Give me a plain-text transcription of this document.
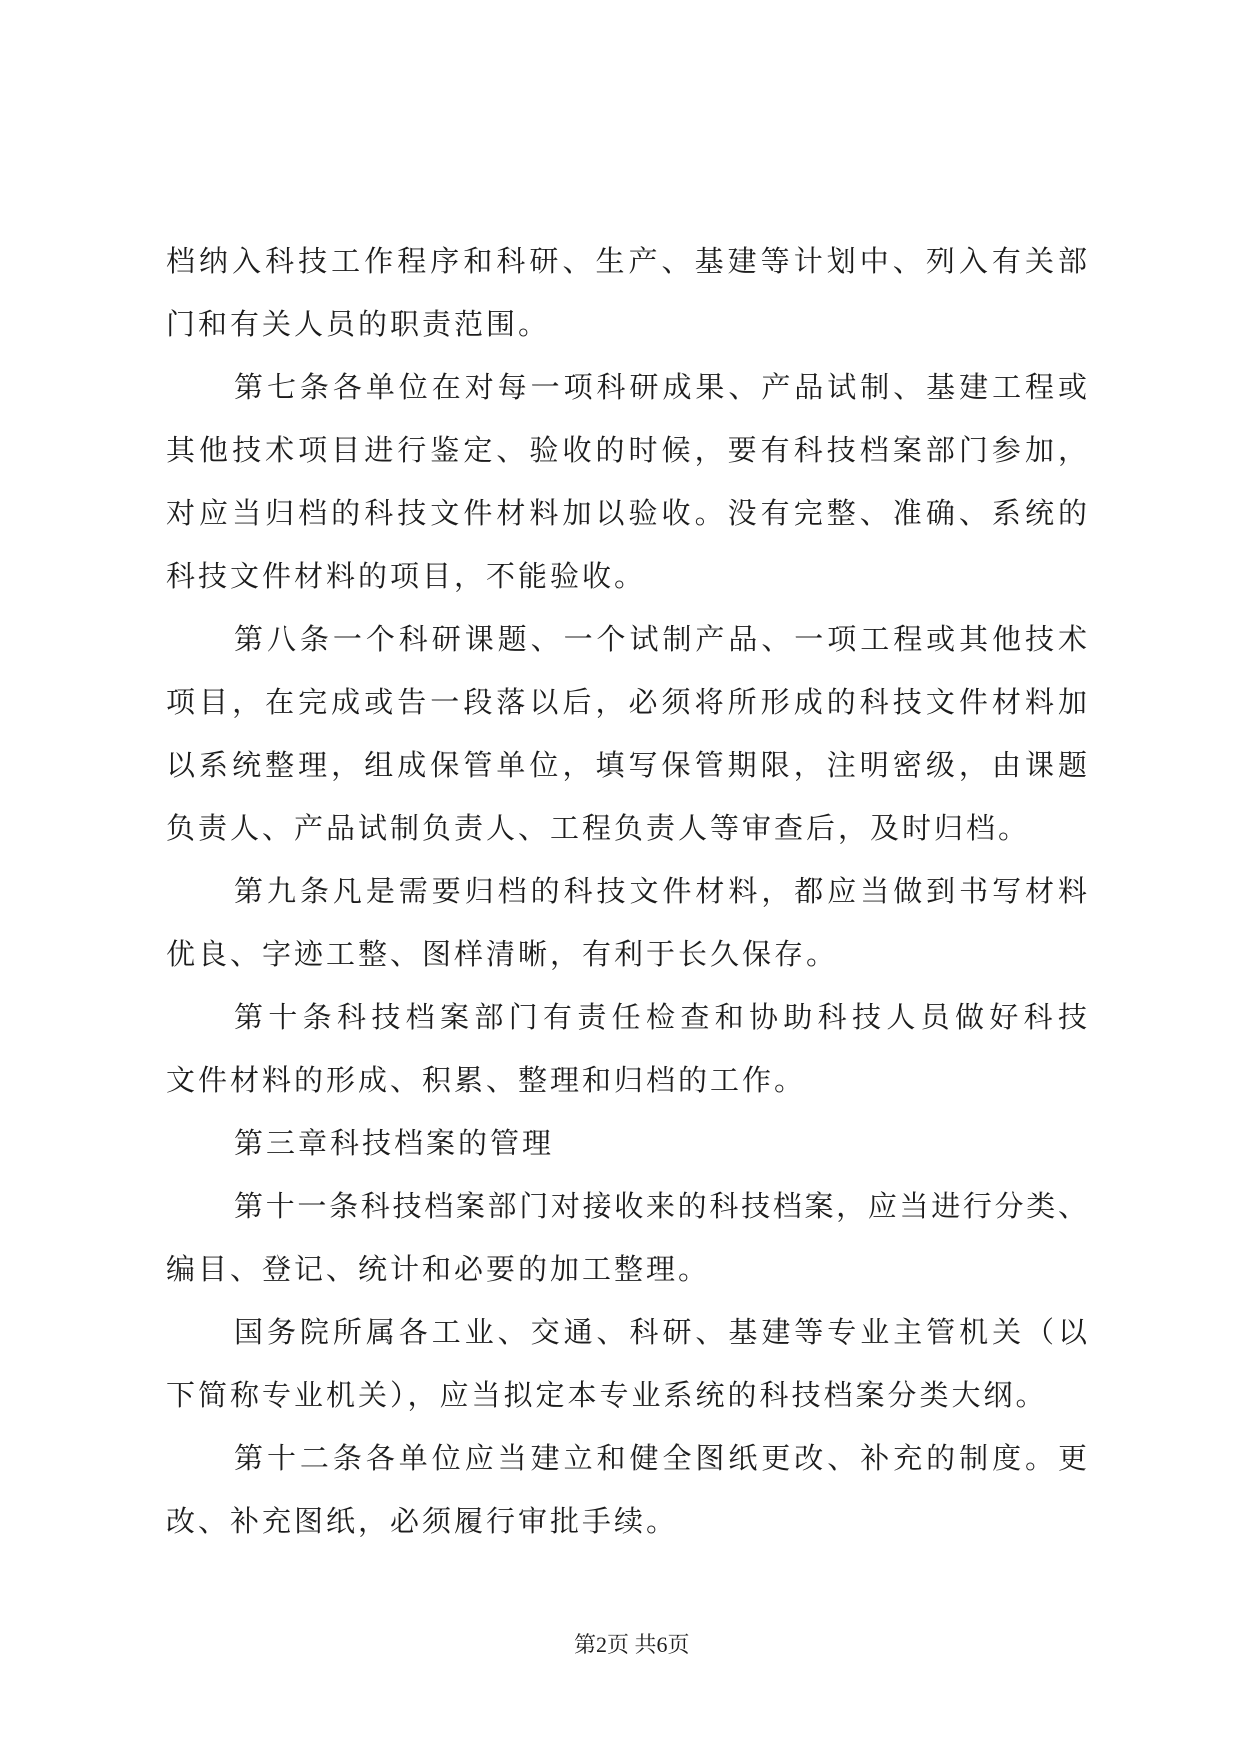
档纳入科技工作程序和科研、生产、基建等计划中、列入有关部
门和有关人员的职责范围。
第七条各单位在对每一项科研成果、产品试制、基建工程或
其他技术项目进行鉴定、验收的时候，要有科技档案部门参加，
对应当归档的科技文件材料加以验收。没有完整、准确、系统的
科技文件材料的项目，不能验收。
第八条一个科研课题、一个试制产品、一项工程或其他技术
项目，在完成或告一段落以后，必须将所形成的科技文件材料加
以系统整理，组成保管单位，填写保管期限，注明密级，由课题
负责人、产品试制负责人、工程负责人等审查后，及时归档。
第九条凡是需要归档的科技文件材料，都应当做到书写材料
优良、字迹工整、图样清晰，有利于长久保存。
第十条科技档案部门有责任检查和协助科技人员做好科技
文件材料的形成、积累、整理和归档的工作。
第三章科技档案的管理
第十一条科技档案部门对接收来的科技档案，应当进行分类、
编目、登记、统计和必要的加工整理。
国务院所属各工业、交通、科研、基建等专业主管机关（以
下简称专业机关），应当拟定本专业系统的科技档案分类大纲。
第十二条各单位应当建立和健全图纸更改、补充的制度。更
改、补充图纸，必须履行审批手续。
第2页 共6页
